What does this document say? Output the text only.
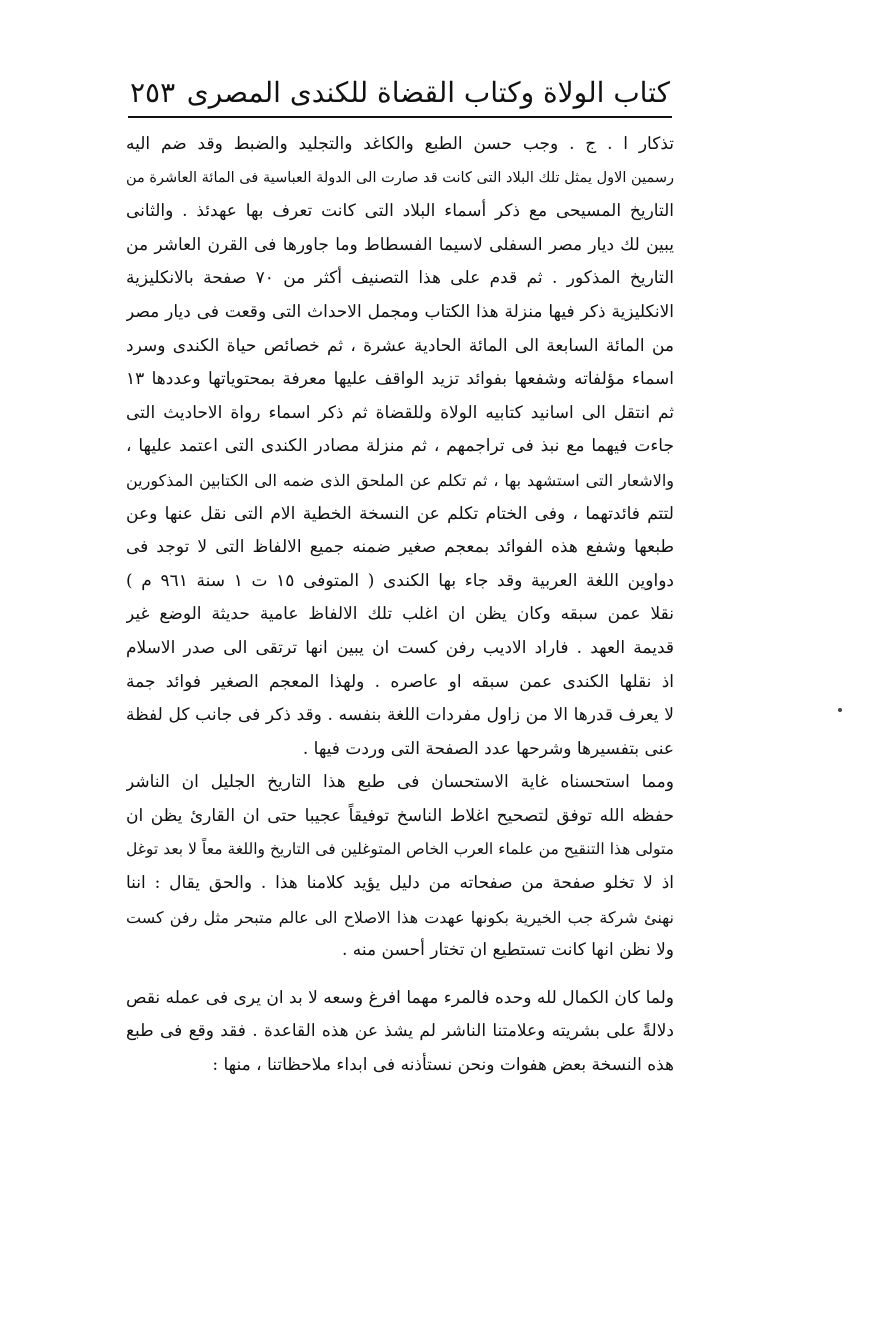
٢٥٣ كتاب الولاة وكتاب القضاة للكندى المصرى
تذكار ا . ج . وجب حسن الطبع والكاغد والتجليد والضبط وقد ضم اليه
رسمين الاول يمثل تلك البلاد التى كانت قد صارت الى الدولة العباسية فى المائة العاشرة من
التاريخ المسيحى مع ذكر أسماء البلاد التى كانت تعرف بها عهدئذ . والثانى
يبين لك ديار مصر السفلى لاسيما الفسطاط وما جاورها فى القرن العاشر من
التاريخ المذكور . ثم قدم على هذا التصنيف أكثر من ٧٠ صفحة بالانكليزية
الانكليزية ذكر فيها منزلة هذا الكتاب ومجمل الاحداث التى وقعت فى ديار مصر
من المائة السابعة الى المائة الحادية عشرة ، ثم خصائص حياة الكندى وسرد
اسماء مؤلفاته وشفعها بفوائد تزيد الواقف عليها معرفة بمحتوياتها وعددها ١٣
ثم انتقل الى اسانيد كتابيه الولاة وللقضاة ثم ذكر اسماء رواة الاحاديث التى
جاءت فيهما مع نبذ فى تراجمهم ، ثم منزلة مصادر الكندى التى اعتمد عليها ،
والاشعار التى استشهد بها ، ثم تكلم عن الملحق الذى ضمه الى الكتابين المذكورين
لتتم فائدتهما ، وفى الختام تكلم عن النسخة الخطية الام التى نقل عنها وعن
طبعها وشفع هذه الفوائد بمعجم صغير ضمنه جميع الالفاظ التى لا توجد فى
دواوين اللغة العربية وقد جاء بها الكندى ( المتوفى ١٥ ت ١ سنة ٩٦١ م )
نقلا عمن سبقه وكان يظن ان اغلب تلك الالفاظ عامية حديثة الوضع غير
قديمة العهد . فاراد الاديب رفن كست ان يبين انها ترتقى الى صدر الاسلام
اذ نقلها الكندى عمن سبقه او عاصره . ولهذا المعجم الصغير فوائد جمة
لا يعرف قدرها الا من زاول مفردات اللغة بنفسه . وقد ذكر فى جانب كل لفظة
عنى بتفسيرها وشرحها عدد الصفحة التى وردت فيها .
ومما استحسناه غاية الاستحسان فى طبع هذا التاريخ الجليل ان الناشر
حفظه الله توفق لتصحيح اغلاط الناسخ توفيقاً عجيبا حتى ان القارئ يظن ان
متولى هذا التنقيح من علماء العرب الخاص المتوغلين فى التاريخ واللغة معاً لا بعد توغل
اذ لا تخلو صفحة من صفحاته من دليل يؤيد كلامنا هذا . والحق يقال : اننا
نهنئ شركة جب الخيرية بكونها عهدت هذا الاصلاح الى عالم متبحر مثل رفن كست
ولا نظن انها كانت تستطيع ان تختار أحسن منه .
ولما كان الكمال لله وحده فالمرء مهما افرغ وسعه لا بد ان يرى فى عمله نقص
دلالةً على بشريته وعلامتنا الناشر لم يشذ عن هذه القاعدة . فقد وقع فى طبع
هذه النسخة بعض هفوات ونحن نستأذنه فى ابداء ملاحظاتنا ، منها :
